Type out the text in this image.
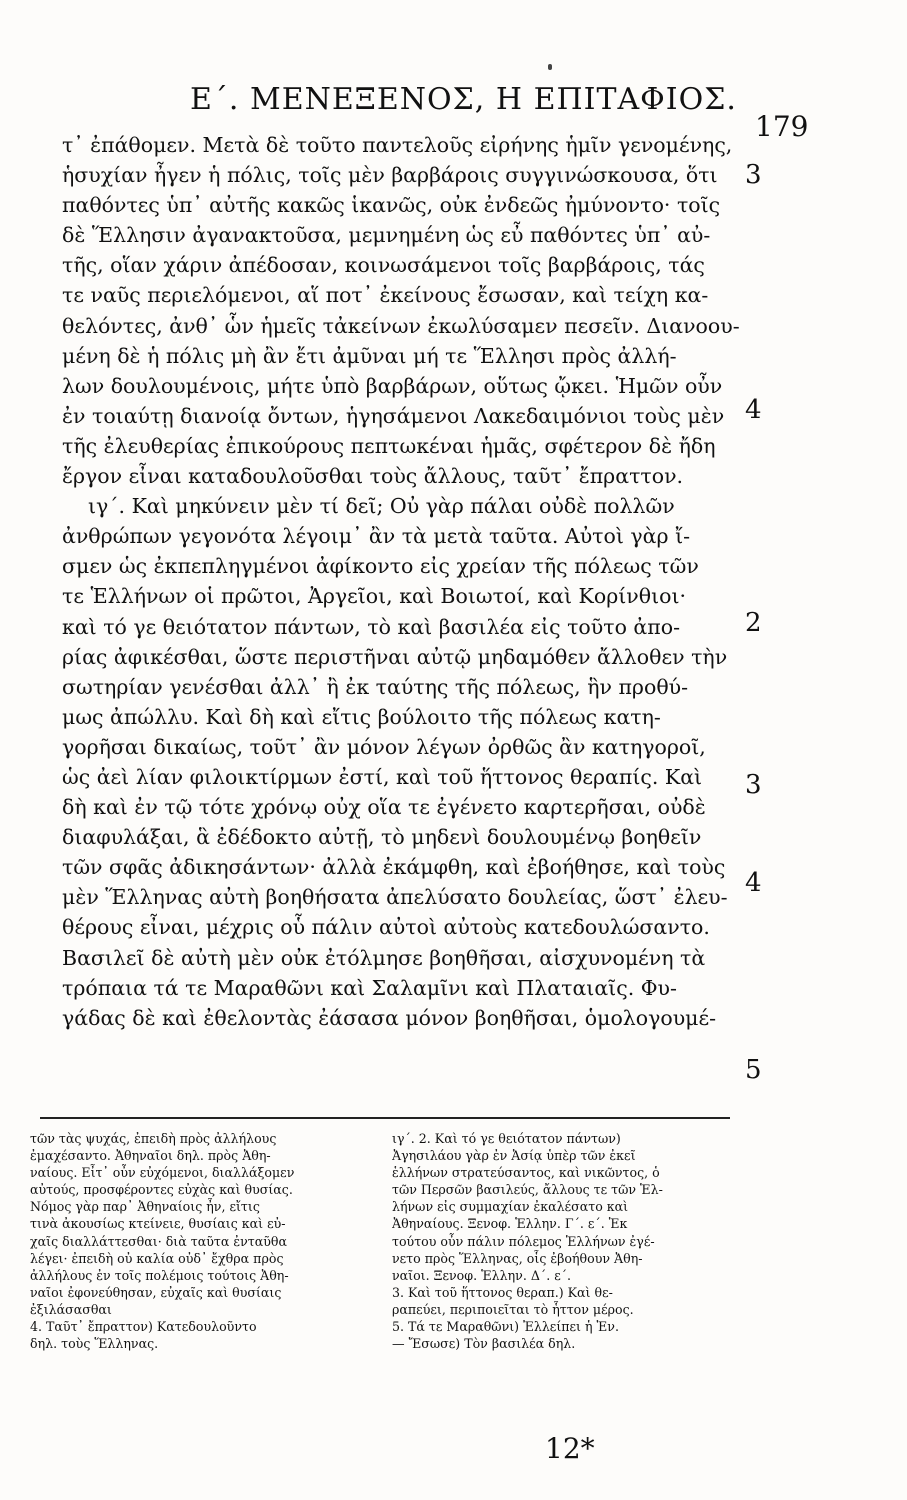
Ε΄. ΜΕΝΕΞΕΝΟΣ, Η ΕΠΙΤΑΦΙΟΣ.
179
τ᾽ ἐπάθομεν. Μετὰ δὲ τοῦτο παντελοῦς εἰρήνης ἡμῖν γενομένης,
ἡσυχίαν ἦγεν ἡ πόλις, τοῖς μὲν βαρβάροις συγγινώσκουσα, ὅτι
παθόντες ὑπ᾽ αὐτῆς κακῶς ἱκανῶς, οὐκ ἐνδεῶς ἠμύνοντο· τοῖς
δὲ Ἕλλησιν ἀγανακτοῦσα, μεμνημένη ὡς εὖ παθόντες ὑπ᾽ αὐ-
τῆς, οἵαν χάριν ἀπέδοσαν, κοινωσάμενοι τοῖς βαρβάροις, τάς
τε ναῦς περιελόμενοι, αἵ ποτ᾽ ἐκείνους ἔσωσαν, καὶ τείχη κα-
θελόντες, ἀνθ᾽ ὧν ἡμεῖς τἀκείνων ἐκωλύσαμεν πεσεῖν. Διανοου-
μένη δὲ ἡ πόλις μὴ ἂν ἔτι ἀμῦναι μή τε Ἕλλησι πρὸς ἀλλή-
λων δουλουμένοις, μήτε ὑπὸ βαρβάρων, οὕτως ᾤκει. Ἡμῶν οὖν
ἐν τοιαύτῃ διανοίᾳ ὄντων, ἡγησάμενοι Λακεδαιμόνιοι τοὺς μὲν
τῆς ἐλευθερίας ἐπικούρους πεπτωκέναι ἡμᾶς, σφέτερον δὲ ἤδη
ἔργον εἶναι καταδουλοῦσθαι τοὺς ἄλλους, ταῦτ᾽ ἔπραττον.
ιγ΄. Καὶ μηκύνειν μὲν τί δεῖ; Οὐ γὰρ πάλαι οὐδὲ πολλῶν
ἀνθρώπων γεγονότα λέγοιμ᾽ ἂν τὰ μετὰ ταῦτα. Αὐτοὶ γὰρ ἴ-
σμεν ὡς ἐκπεπληγμένοι ἀφίκοντο εἰς χρείαν τῆς πόλεως τῶν
τε Ἑλλήνων οἱ πρῶτοι, Ἀργεῖοι, καὶ Βοιωτοί, καὶ Κορίνθιοι·
καὶ τό γε θειότατον πάντων, τὸ καὶ βασιλέα εἰς τοῦτο ἀπο-
ρίας ἀφικέσθαι, ὥστε περιστῆναι αὐτῷ μηδαμόθεν ἄλλοθεν τὴν
σωτηρίαν γενέσθαι ἀλλ᾽ ἢ ἐκ ταύτης τῆς πόλεως, ἣν προθύ-
μως ἀπώλλυ. Καὶ δὴ καὶ εἴτις βούλοιτο τῆς πόλεως κατη-
γορῆσαι δικαίως, τοῦτ᾽ ἂν μόνον λέγων ὀρθῶς ἂν κατηγοροῖ,
ὡς ἀεὶ λίαν φιλοικτίρμων ἐστί, καὶ τοῦ ἥττονος θεραπίς. Καὶ
δὴ καὶ ἐν τῷ τότε χρόνῳ οὐχ οἵα τε ἐγένετο καρτερῆσαι, οὐδὲ
διαφυλάξαι, ἃ ἐδέδοκτο αὐτῇ, τὸ μηδενὶ δουλουμένῳ βοηθεῖν
τῶν σφᾶς ἀδικησάντων· ἀλλὰ ἐκάμφθη, καὶ ἐβοήθησε, καὶ τοὺς
μὲν Ἕλληνας αὐτὴ βοηθήσατα ἀπελύσατο δουλείας, ὥστ᾽ ἐλευ-
θέρους εἶναι, μέχρις οὗ πάλιν αὐτοὶ αὐτοὺς κατεδουλώσαντο.
Βασιλεῖ δὲ αὐτὴ μὲν οὐκ ἐτόλμησε βοηθῆσαι, αἰσχυνομένη τὰ
τρόπαια τά τε Μαραθῶνι καὶ Σαλαμῖνι καὶ Πλαταιαῖς. Φυ-
γάδας δὲ καὶ ἐθελοντὰς ἐάσασα μόνον βοηθῆσαι, ὁμολογουμέ-
3
4
2
3
4
5
τῶν τὰς ψυχάς, ἐπειδὴ πρὸς ἀλλήλους
ἐμαχέσαντο. Ἀθηναῖοι δηλ. πρὸς Ἀθη-
ναίους. Εἶτ᾽ οὖν εὐχόμενοι, διαλλάξομεν
αὐτούς, προσφέροντες εὐχὰς καὶ θυσίας.
Νόμος γὰρ παρ᾽ Ἀθηναίοις ἦν, εἴτις
τινὰ ἀκουσίως κτείνειε, θυσίαις καὶ εὐ-
χαῖς διαλλάττεσθαι· διὰ ταῦτα ἐνταῦθα
λέγει· ἐπειδὴ οὐ καλία οὐδ᾽ ἔχθρα πρὸς
ἀλλήλους ἐν τοῖς πολέμοις τούτοις Ἀθη-
ναῖοι ἐφονεύθησαν, εὐχαῖς καὶ θυσίαις
ἐξιλάσασθαι
4. Ταῦτ᾽ ἔπραττον) Κατεδουλοῦντο
δηλ. τοὺς Ἕλληνας.
ιγ΄. 2. Καὶ τό γε θειότατον πάντων)
Ἀγησιλάου γὰρ ἐν Ἀσίᾳ ὑπὲρ τῶν ἐκεῖ
ἑλλήνων στρατεύσαντος, καὶ νικῶντος, ὁ
τῶν Περσῶν βασιλεύς, ἄλλους τε τῶν Ἑλ-
λήνων εἰς συμμαχίαν ἐκαλέσατο καὶ
Ἀθηναίους. Ξενοφ. Ἑλλην. Γ΄. ε΄. Ἐκ
τούτου οὖν πάλιν πόλεμος Ἑλλήνων ἐγέ-
νετο πρὸς Ἕλληνας, οἷς ἐβοήθουν Ἀθη-
ναῖοι. Ξενοφ. Ἑλλην. Δ΄. ε΄.
3. Καὶ τοῦ ἥττονος θεραπ.) Καὶ θε-
ραπεύει, περιποιεῖται τὸ ἧττον μέρος.
5. Τά τε Μαραθῶνι) Ἐλλείπει ἡ Ἐν.
— Ἔσωσε) Τὸν βασιλέα δηλ.
12*
